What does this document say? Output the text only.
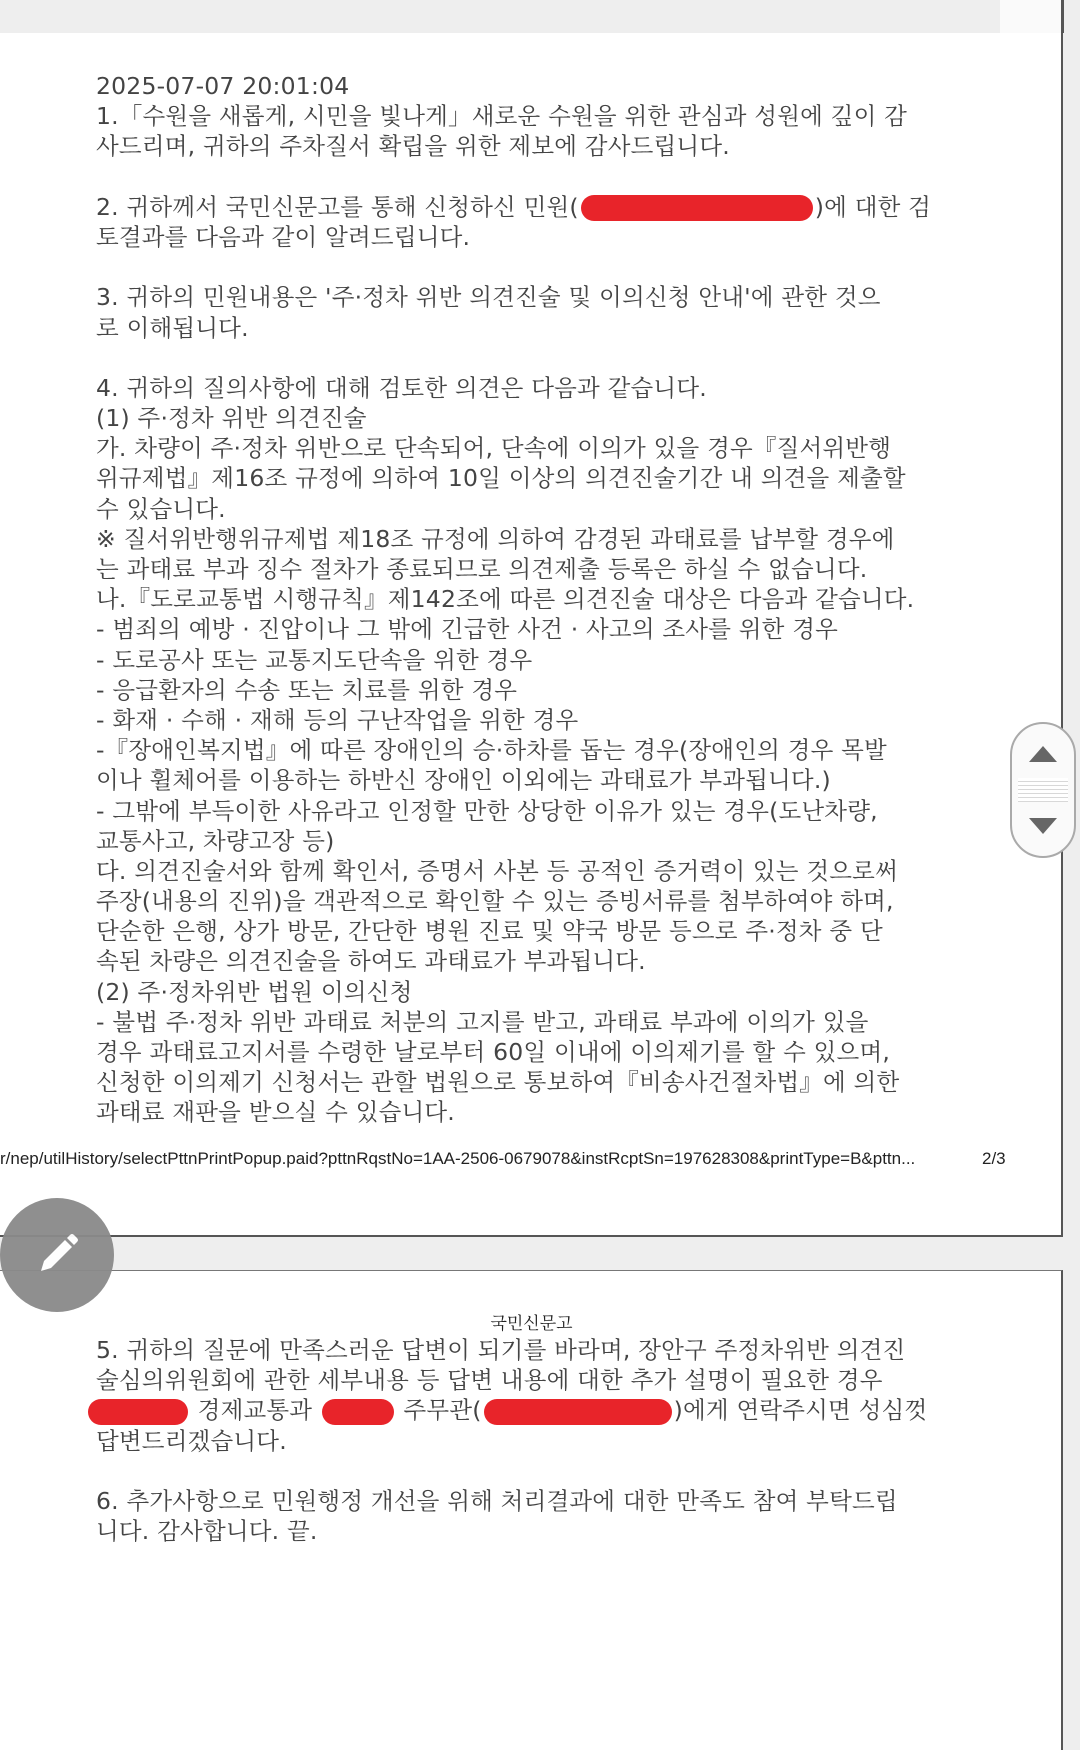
2025-07-07 20:01:04
1.「수원을 새롭게, 시민을 빛나게」새로운 수원을 위한 관심과 성원에 깊이 감
사드리며, 귀하의 주차질서 확립을 위한 제보에 감사드립니다.
2. 귀하께서 국민신문고를 통해 신청하신 민원(	)에 대한 검
토결과를 다음과 같이 알려드립니다.
3. 귀하의 민원내용은 '주·정차 위반 의견진술 및 이의신청 안내'에 관한 것으
로 이해됩니다.
4. 귀하의 질의사항에 대해 검토한 의견은 다음과 같습니다.
(1) 주·정차 위반 의견진술
가. 차량이 주·정차 위반으로 단속되어, 단속에 이의가 있을 경우『질서위반행
위규제법』제16조 규정에 의하여 10일 이상의 의견진술기간 내 의견을 제출할
수 있습니다.
※ 질서위반행위규제법 제18조 규정에 의하여 감경된 과태료를 납부할 경우에
는 과태료 부과 징수 절차가 종료되므로 의견제출 등록은 하실 수 없습니다.
나.『도로교통법 시행규칙』제142조에 따른 의견진술 대상은 다음과 같습니다.
- 범죄의 예방 · 진압이나 그 밖에 긴급한 사건 · 사고의 조사를 위한 경우
- 도로공사 또는 교통지도단속을 위한 경우
- 응급환자의 수송 또는 치료를 위한 경우
- 화재 · 수해 · 재해 등의 구난작업을 위한 경우
-『장애인복지법』에 따른 장애인의 승·하차를 돕는 경우(장애인의 경우 목발
이나 휠체어를 이용하는 하반신 장애인 이외에는 과태료가 부과됩니다.)
- 그밖에 부득이한 사유라고 인정할 만한 상당한 이유가 있는 경우(도난차량,
교통사고, 차량고장 등)
다. 의견진술서와 함께 확인서, 증명서 사본 등 공적인 증거력이 있는 것으로써
주장(내용의 진위)을 객관적으로 확인할 수 있는 증빙서류를 첨부하여야 하며,
단순한 은행, 상가 방문, 간단한 병원 진료 및 약국 방문 등으로 주·정차 중 단
속된 차량은 의견진술을 하여도 과태료가 부과됩니다.
(2) 주·정차위반 법원 이의신청
- 불법 주·정차 위반 과태료 처분의 고지를 받고, 과태료 부과에 이의가 있을
경우 과태료고지서를 수령한 날로부터 60일 이내에 이의제기를 할 수 있으며,
신청한 이의제기 신청서는 관할 법원으로 통보하여『비송사건절차법』에 의한
과태료 재판을 받으실 수 있습니다.
r/nep/utilHistory/selectPttnPrintPopup.paid?pttnRqstNo=1AA-2506-0679078&instRcptSn=197628308&printType=B&pttn...	2/3
국민신문고
5. 귀하의 질문에 만족스러운 답변이 되기를 바라며, 장안구 주정차위반 의견진
술심의위원회에 관한 세부내용 등 답변 내용에 대한 추가 설명이 필요한 경우
경제교통과	주무관(	)에게 연락주시면 성심껏
답변드리겠습니다.
6. 추가사항으로 민원행정 개선을 위해 처리결과에 대한 만족도 참여 부탁드립
니다. 감사합니다. 끝.
